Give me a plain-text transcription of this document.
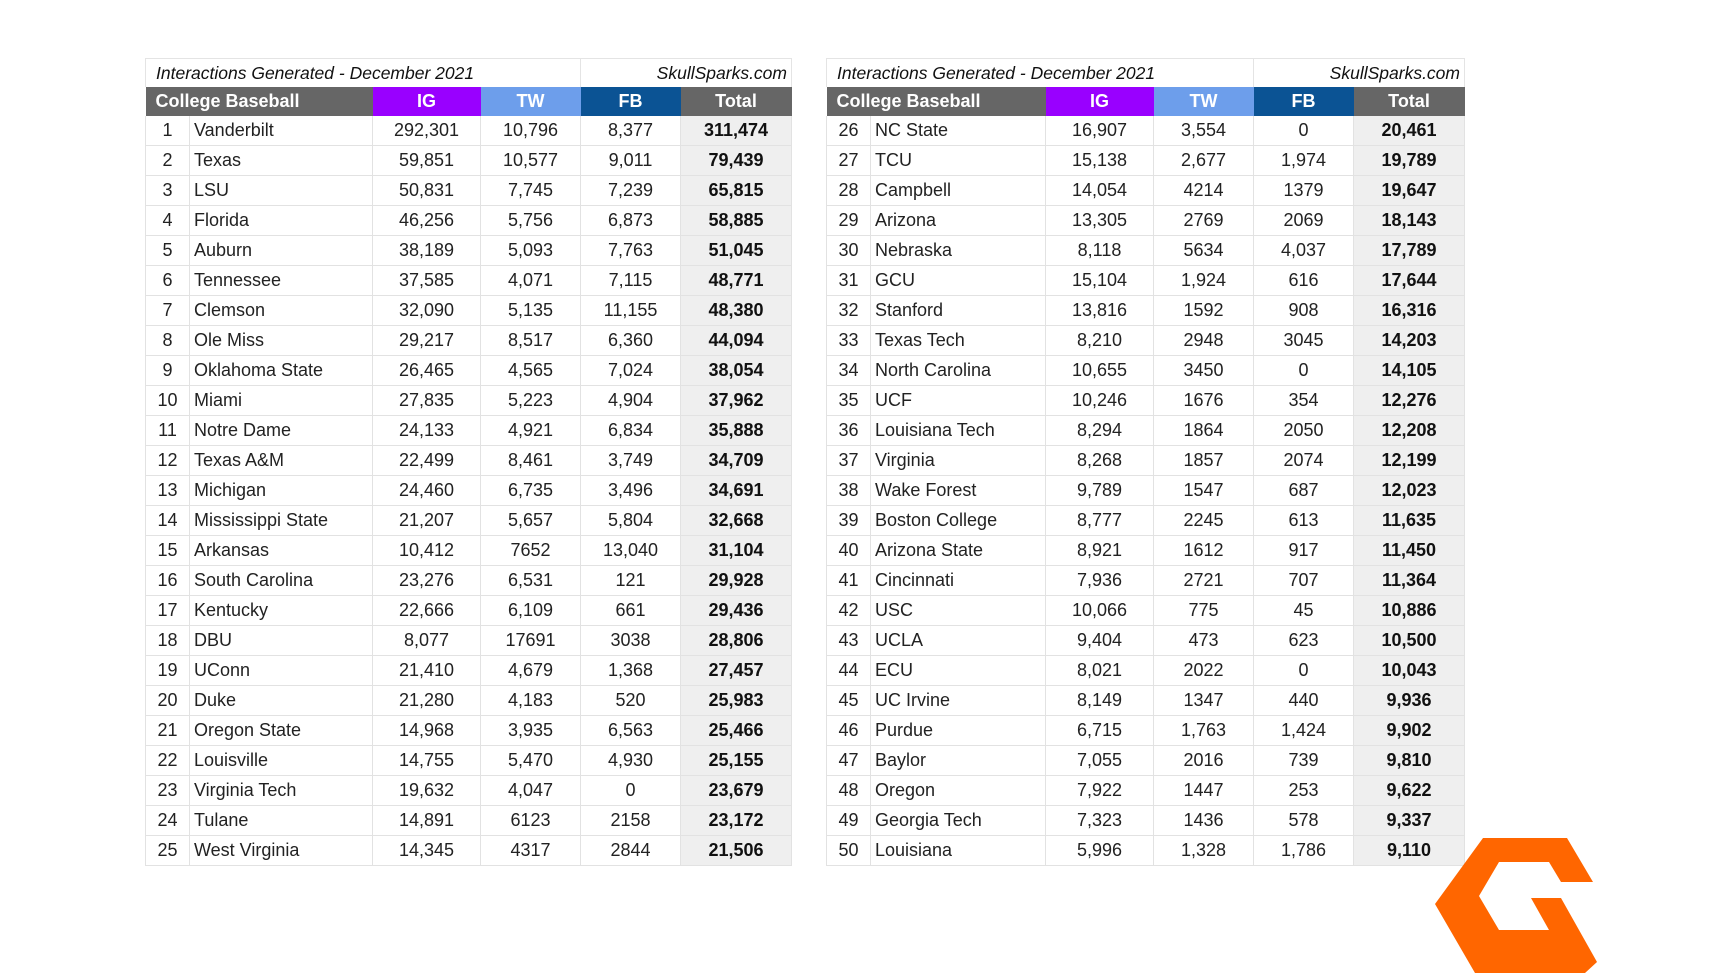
Interactions Generated - December 2021				SkullSparks.com	
College Baseball		IG	TW	FB	Total
1	Vanderbilt	292,301	10,796	8,377	311,474
2	Texas	59,851	10,577	9,011	79,439
3	LSU	50,831	7,745	7,239	65,815
4	Florida	46,256	5,756	6,873	58,885
5	Auburn	38,189	5,093	7,763	51,045
6	Tennessee	37,585	4,071	7,115	48,771
7	Clemson	32,090	5,135	11,155	48,380
8	Ole Miss	29,217	8,517	6,360	44,094
9	Oklahoma State	26,465	4,565	7,024	38,054
10	Miami	27,835	5,223	4,904	37,962
11	Notre Dame	24,133	4,921	6,834	35,888
12	Texas A&M	22,499	8,461	3,749	34,709
13	Michigan	24,460	6,735	3,496	34,691
14	Mississippi State	21,207	5,657	5,804	32,668
15	Arkansas	10,412	7652	13,040	31,104
16	South Carolina	23,276	6,531	121	29,928
17	Kentucky	22,666	6,109	661	29,436
18	DBU	8,077	17691	3038	28,806
19	UConn	21,410	4,679	1,368	27,457
20	Duke	21,280	4,183	520	25,983
21	Oregon State	14,968	3,935	6,563	25,466
22	Louisville	14,755	5,470	4,930	25,155
23	Virginia Tech	19,632	4,047	0	23,679
24	Tulane	14,891	6123	2158	23,172
25	West Virginia	14,345	4317	2844	21,506
Interactions Generated - December 2021				SkullSparks.com	
College Baseball		IG	TW	FB	Total
26	NC State	16,907	3,554	0	20,461
27	TCU	15,138	2,677	1,974	19,789
28	Campbell	14,054	4214	1379	19,647
29	Arizona	13,305	2769	2069	18,143
30	Nebraska	8,118	5634	4,037	17,789
31	GCU	15,104	1,924	616	17,644
32	Stanford	13,816	1592	908	16,316
33	Texas Tech	8,210	2948	3045	14,203
34	North Carolina	10,655	3450	0	14,105
35	UCF	10,246	1676	354	12,276
36	Louisiana Tech	8,294	1864	2050	12,208
37	Virginia	8,268	1857	2074	12,199
38	Wake Forest	9,789	1547	687	12,023
39	Boston College	8,777	2245	613	11,635
40	Arizona State	8,921	1612	917	11,450
41	Cincinnati	7,936	2721	707	11,364
42	USC	10,066	775	45	10,886
43	UCLA	9,404	473	623	10,500
44	ECU	8,021	2022	0	10,043
45	UC Irvine	8,149	1347	440	9,936
46	Purdue	6,715	1,763	1,424	9,902
47	Baylor	7,055	2016	739	9,810
48	Oregon	7,922	1447	253	9,622
49	Georgia Tech	7,323	1436	578	9,337
50	Louisiana	5,996	1,328	1,786	9,110
